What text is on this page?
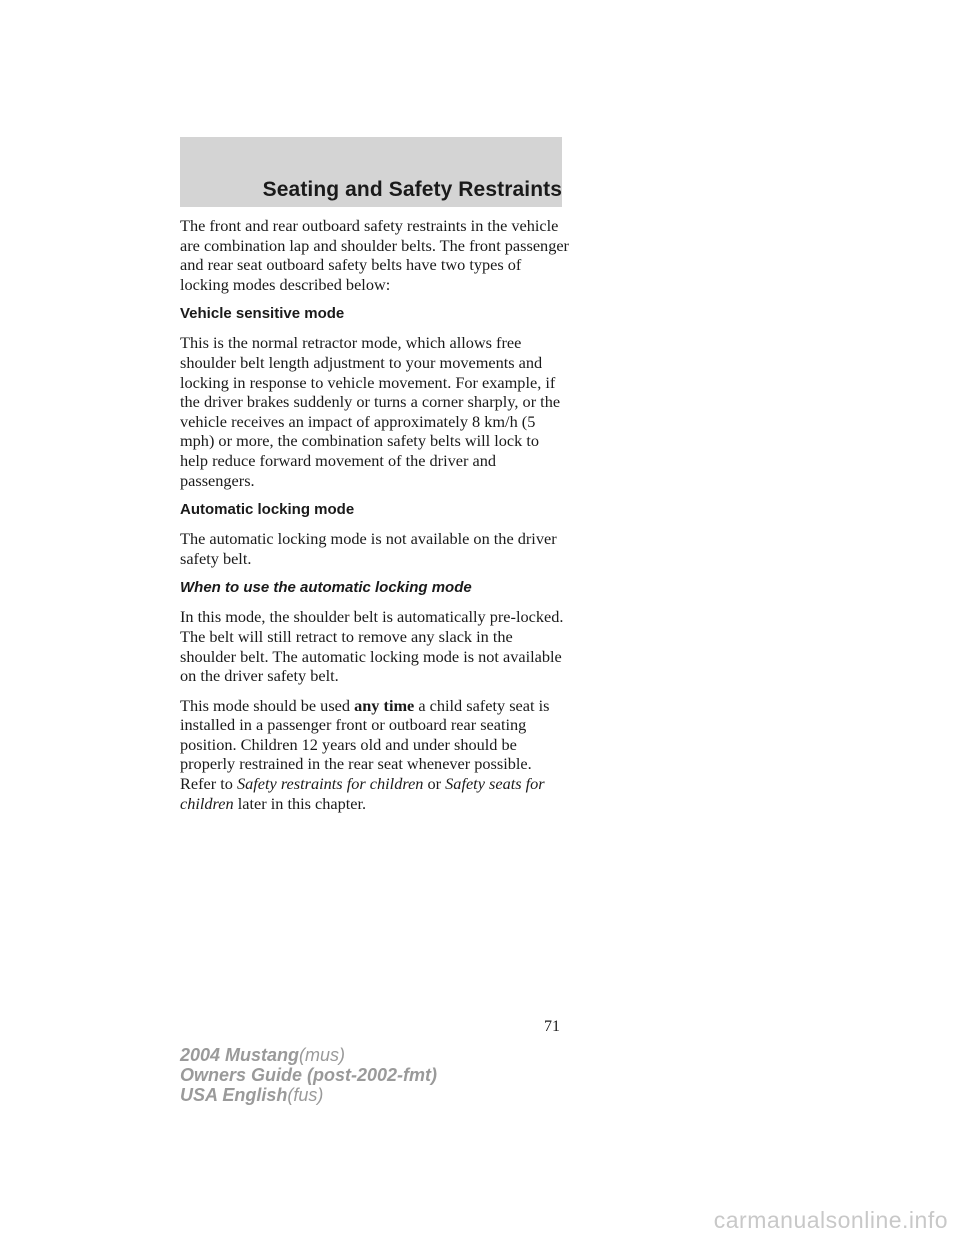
Seating and Safety Restraints

The front and rear outboard safety restraints in the vehicle are combination lap and shoulder belts. The front passenger and rear seat outboard safety belts have two types of locking modes described below:

Vehicle sensitive mode

This is the normal retractor mode, which allows free shoulder belt length adjustment to your movements and locking in response to vehicle movement. For example, if the driver brakes suddenly or turns a corner sharply, or the vehicle receives an impact of approximately 8 km/h (5 mph) or more, the combination safety belts will lock to help reduce forward movement of the driver and passengers.

Automatic locking mode

The automatic locking mode is not available on the driver safety belt.

When to use the automatic locking mode

In this mode, the shoulder belt is automatically pre-locked. The belt will still retract to remove any slack in the shoulder belt. The automatic locking mode is not available on the driver safety belt.

This mode should be used any time a child safety seat is installed in a passenger front or outboard rear seating position. Children 12 years old and under should be properly restrained in the rear seat whenever possible. Refer to Safety restraints for children or Safety seats for children later in this chapter.

71
2004 Mustang(mus)
Owners Guide (post-2002-fmt)
USA English(fus)
carmanualsonline.info
